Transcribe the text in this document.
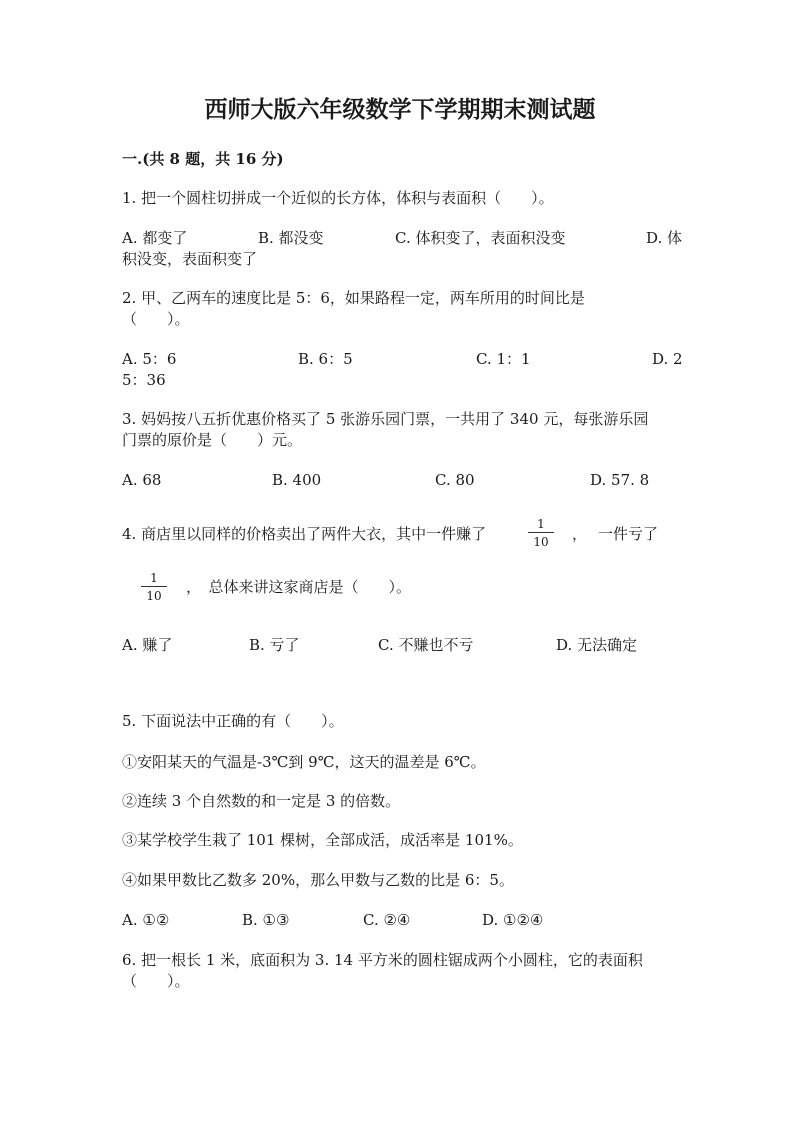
西师大版六年级数学下学期期末测试题
一.(共 8 题，共 16 分)
1. 把一个圆柱切拼成一个近似的长方体，体积与表面积（　　）。
A. 都变了	B. 都没变	C. 体积变了，表面积没变	D. 体
积没变，表面积变了
2. 甲、乙两车的速度比是 5：6，如果路程一定，两车所用的时间比是
（　　）。
A. 5：6	B. 6：5	C. 1：1	D. 2
5：36
3. 妈妈按八五折优惠价格买了 5 张游乐园门票，一共用了 340 元，每张游乐园
门票的原价是（　　）元。
A. 68	B. 400	C. 80	D. 57. 8
4. 商店里以同样的价格卖出了两件大衣，其中一件赚了
1
10	， 一件亏了
1
10	，　总体来讲这家商店是（　　）。
A. 赚了	B. 亏了	C. 不赚也不亏	D. 无法确定
5. 下面说法中正确的有（　　）。
①安阳某天的气温是-3℃到 9℃，这天的温差是 6℃。
②连续 3 个自然数的和一定是 3 的倍数。
③某学校学生栽了 101 棵树，全部成活，成活率是 101%。
④如果甲数比乙数多 20%，那么甲数与乙数的比是 6：5。
A. ①②	B. ①③	C. ②④	D. ①②④
6. 把一根长 1 米，底面积为 3. 14 平方米的圆柱锯成两个小圆柱，它的表面积
（　　）。
